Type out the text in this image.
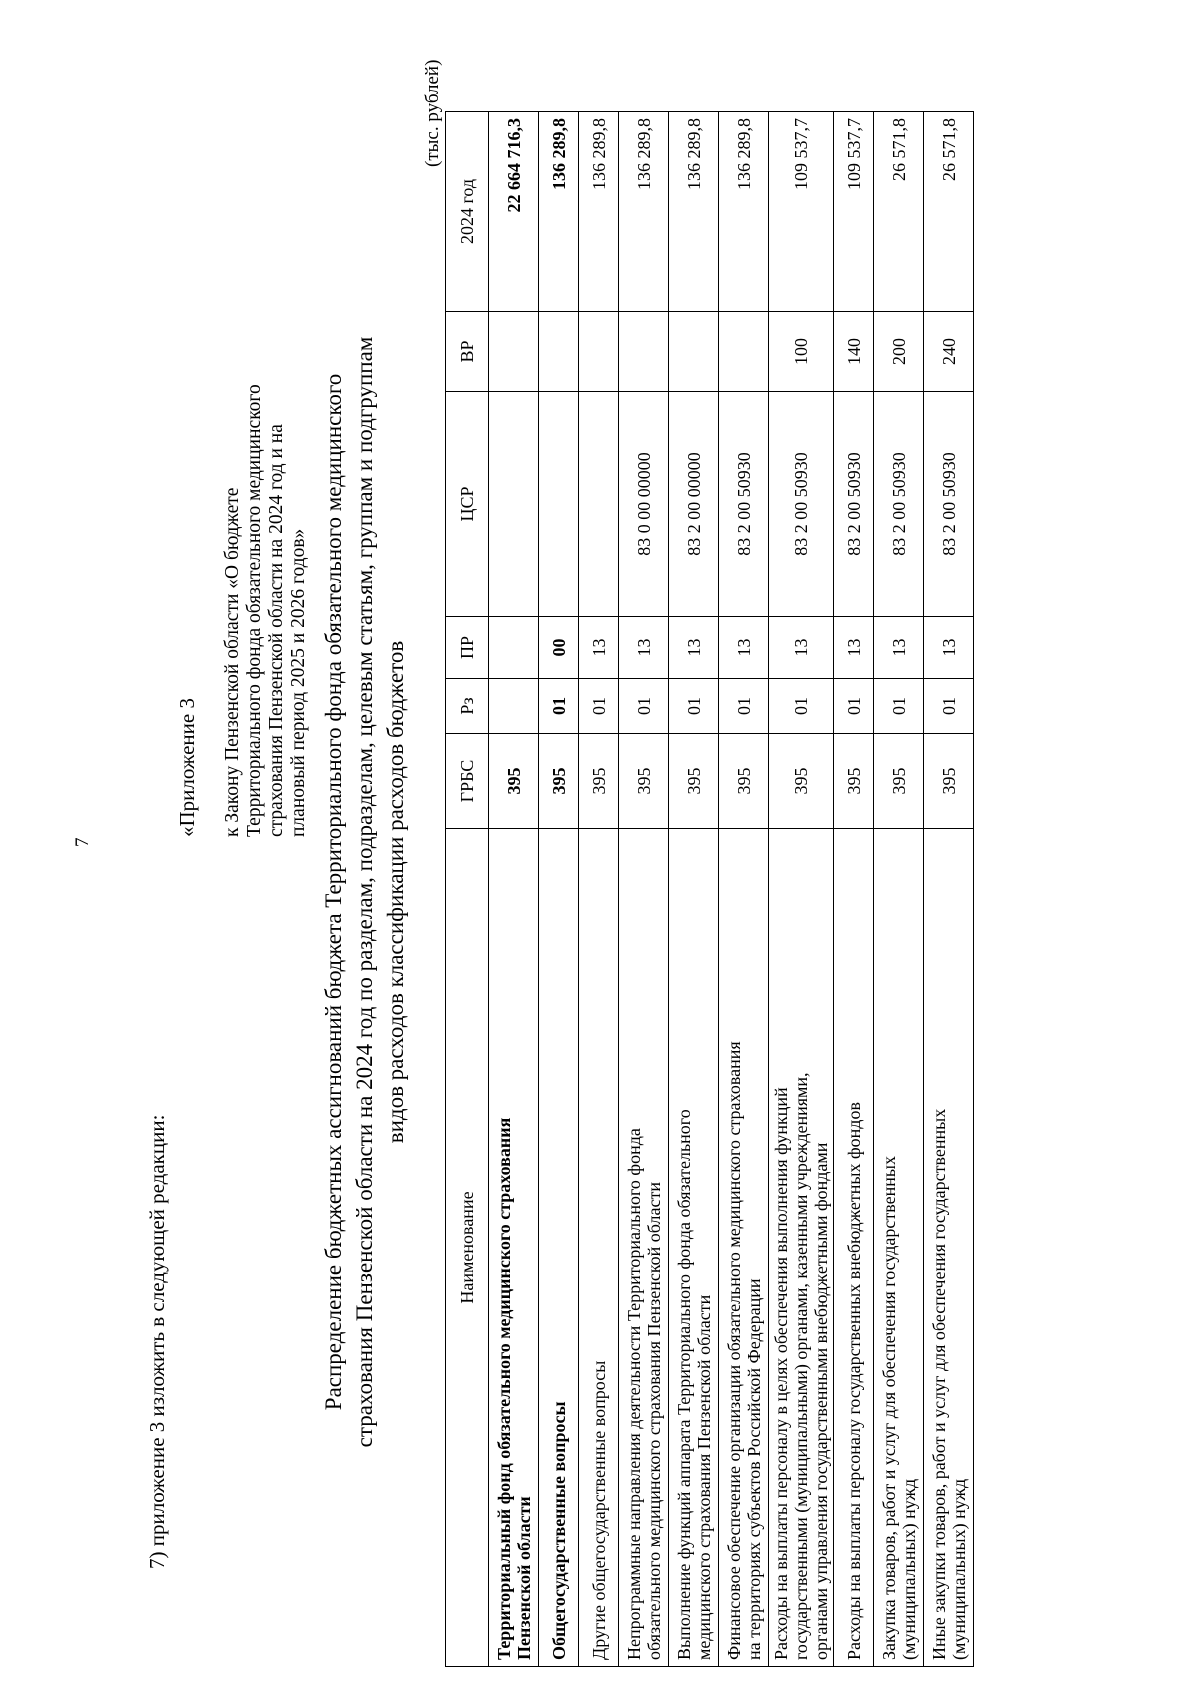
7
7) приложение 3 изложить в следующей редакции:
«Приложение 3 к Закону Пензенской области «О бюджете Территориального фонда обязательного медицинского страхования Пензенской области на 2024 год и на плановый период 2025 и 2026 годов» Распределение бюджетных ассигнований бюджета Территориального фонда обязательного медицинского страхования Пензенской области на 2024 год по разделам, подразделам, целевым статьям, группам и подгруппам видов расходов классификации расходов бюджетов
(тыс. рублей)
Наименование	ГРБС	Рз	ПР	ЦСР	ВР	2024 год

Территориальный фонд обязательного медицинского страхования Пензенской области	395					22 664 716,3

Общегосударственные вопросы	395	01	00			136 289,8

Другие общегосударственные вопросы	395	01	13			136 289,8

Непрограммные направления деятельности Территориального фонда обязательного медицинского страхования Пензенской области	395	01	13	83 0 00 00000		136 289,8

Выполнение функций аппарата Территориального фонда обязательного медицинского страхования Пензенской области	395	01	13	83 2 00 00000		136 289,8

Финансовое обеспечение организации обязательного медицинского страхования на территориях субъектов Российской Федерации	395	01	13	83 2 00 50930		136 289,8

Расходы на выплаты персоналу в целях обеспечения выполнения функций государственными (муниципальными) органами, казенными учреждениями, органами управления государственными внебюджетными фондами	395	01	13	83 2 00 50930	100	109 537,7

Расходы на выплаты персоналу государственных внебюджетных фондов	395	01	13	83 2 00 50930	140	109 537,7

Закупка товаров, работ и услуг для обеспечения государственных (муниципальных) нужд	395	01	13	83 2 00 50930	200	26 571,8

Иные закупки товаров, работ и услуг для обеспечения государственных (муниципальных) нужд	395	01	13	83 2 00 50930	240	26 571,8
